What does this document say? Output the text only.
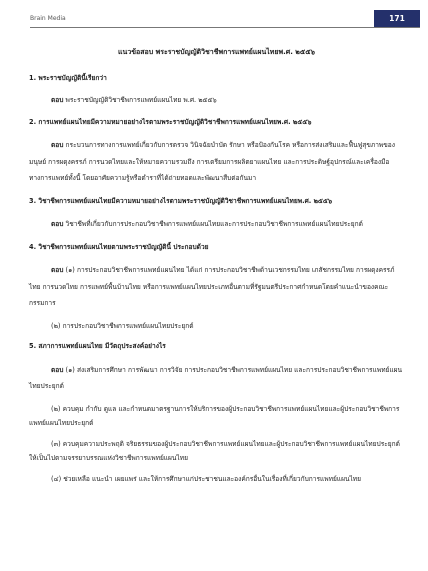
Brain Media	171
แนวข้อสอบ พระราชบัญญัติวิชาชีพการแพทย์แผนไทยพ.ศ. ๒๕๕๖
1. พระราชบัญญัตินี้เรียกว่า

ตอบ พระราชบัญญัติวิชาชีพการแพทย์แผนไทย พ.ศ. ๒๕๕๖

2. การแพทย์แผนไทยมีความหมายอย่างไรตามพระราชบัญญัติวิชาชีพการแพทย์แผนไทยพ.ศ. ๒๕๕๖

ตอบ กระบวนการทางการแพทย์เกี่ยวกับการตรวจ วินิจฉัยบำบัด รักษา หรือป้องกันโรค หรือการส่งเสริมและฟื้นฟูสุขภาพของมนุษย์ การผดุงครรภ์ การนวดไทยและให้หมายความรวมถึง การเตรียมการผลิตยาแผนไทย และการประดิษฐ์อุปกรณ์และเครื่องมือทางการแพทย์ทั้งนี้ โดยอาศัยความรู้หรือตำราที่ได้ถ่ายทอดและพัฒนาสืบต่อกันมา

3. วิชาชีพการแพทย์แผนไทยมีความหมายอย่างไรตามพระราชบัญญัติวิชาชีพการแพทย์แผนไทยพ.ศ. ๒๕๕๖

ตอบ วิชาชีพที่เกี่ยวกับการประกอบวิชาชีพการแพทย์แผนไทยและการประกอบวิชาชีพการแพทย์แผนไทยประยุกต์

4. วิชาชีพการแพทย์แผนไทยตามพระราชบัญญัตินี้ ประกอบด้วย

ตอบ (๑) การประกอบวิชาชีพการแพทย์แผนไทย ได้แก่ การประกอบวิชาชีพด้านเวชกรรมไทย เภสัชกรรมไทย การผดุงครรภ์ไทย การนวดไทย การแพทย์พื้นบ้านไทย หรือการแพทย์แผนไทยประเภทอื่นตามที่รัฐมนตรีประกาศกำหนดโดยคำแนะนำของคณะกรรมการ

(๒) การประกอบวิชาชีพการแพทย์แผนไทยประยุกต์

5. สภาการแพทย์แผนไทย มีวัตถุประสงค์อย่างไร

ตอบ (๑) ส่งเสริมการศึกษา การพัฒนา การวิจัย การประกอบวิชาชีพการแพทย์แผนไทย และการประกอบวิชาชีพการแพทย์แผนไทยประยุกต์

(๒) ควบคุม กำกับ ดูแล และกำหนดมาตรฐานการให้บริการของผู้ประกอบวิชาชีพการแพทย์แผนไทยและผู้ประกอบวิชาชีพการแพทย์แผนไทยประยุกต์

(๓) ควบคุมความประพฤติ จริยธรรมของผู้ประกอบวิชาชีพการแพทย์แผนไทยและผู้ประกอบวิชาชีพการแพทย์แผนไทยประยุกต์ ให้เป็นไปตามจรรยาบรรณแห่งวิชาชีพการแพทย์แผนไทย

(๔) ช่วยเหลือ แนะนำ เผยแพร่ และให้การศึกษาแก่ประชาชนและองค์กรอื่นในเรื่องที่เกี่ยวกับการแพทย์แผนไทย
